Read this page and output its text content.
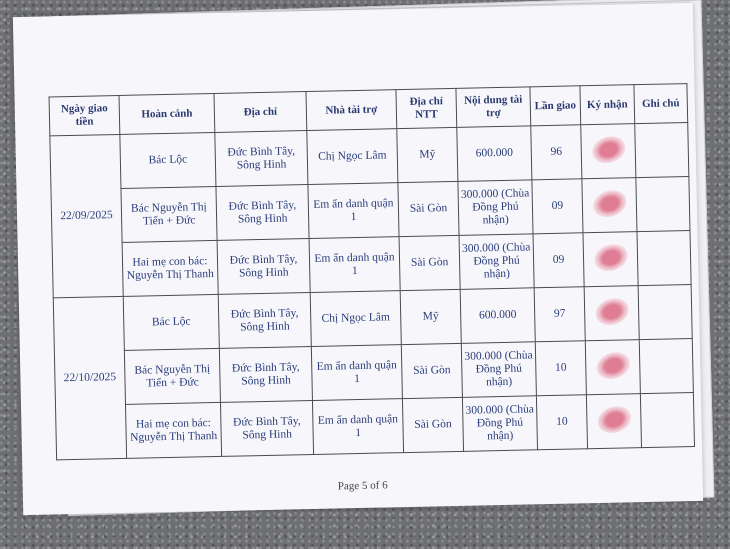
Ngày giao tiền	Hoàn cảnh	Địa chỉ	Nhà tài trợ	Địa chỉ NTT	Nội dung tài trợ	Lần giao	Ký nhận	Ghi chú
22/09/2025	Bác Lộc	Đức Bình Tây, Sông Hinh	Chị Ngọc Lâm	Mỹ	600.000	96		
	Bác Nguyễn Thị Tiến + Đức	Đức Bình Tây, Sông Hinh	Em ẩn danh quận 1	Sài Gòn	300.000 (Chùa Đồng Phú nhận)	09		
	Hai mẹ con bác: Nguyễn Thị Thanh	Đức Bình Tây, Sông Hinh	Em ẩn danh quận 1	Sài Gòn	300.000 (Chùa Đồng Phú nhận)	09		
22/10/2025	Bác Lộc	Đức Bình Tây, Sông Hinh	Chị Ngọc Lâm	Mỹ	600.000	97		
	Bác Nguyễn Thị Tiến + Đức	Đức Bình Tây, Sông Hinh	Em ẩn danh quận 1	Sài Gòn	300.000 (Chùa Đồng Phú nhận)	10		
	Hai mẹ con bác: Nguyễn Thị Thanh	Đức Bình Tây, Sông Hinh	Em ẩn danh quận 1	Sài Gòn	300.000 (Chùa Đồng Phú nhận)	10		
Page 5 of 6
